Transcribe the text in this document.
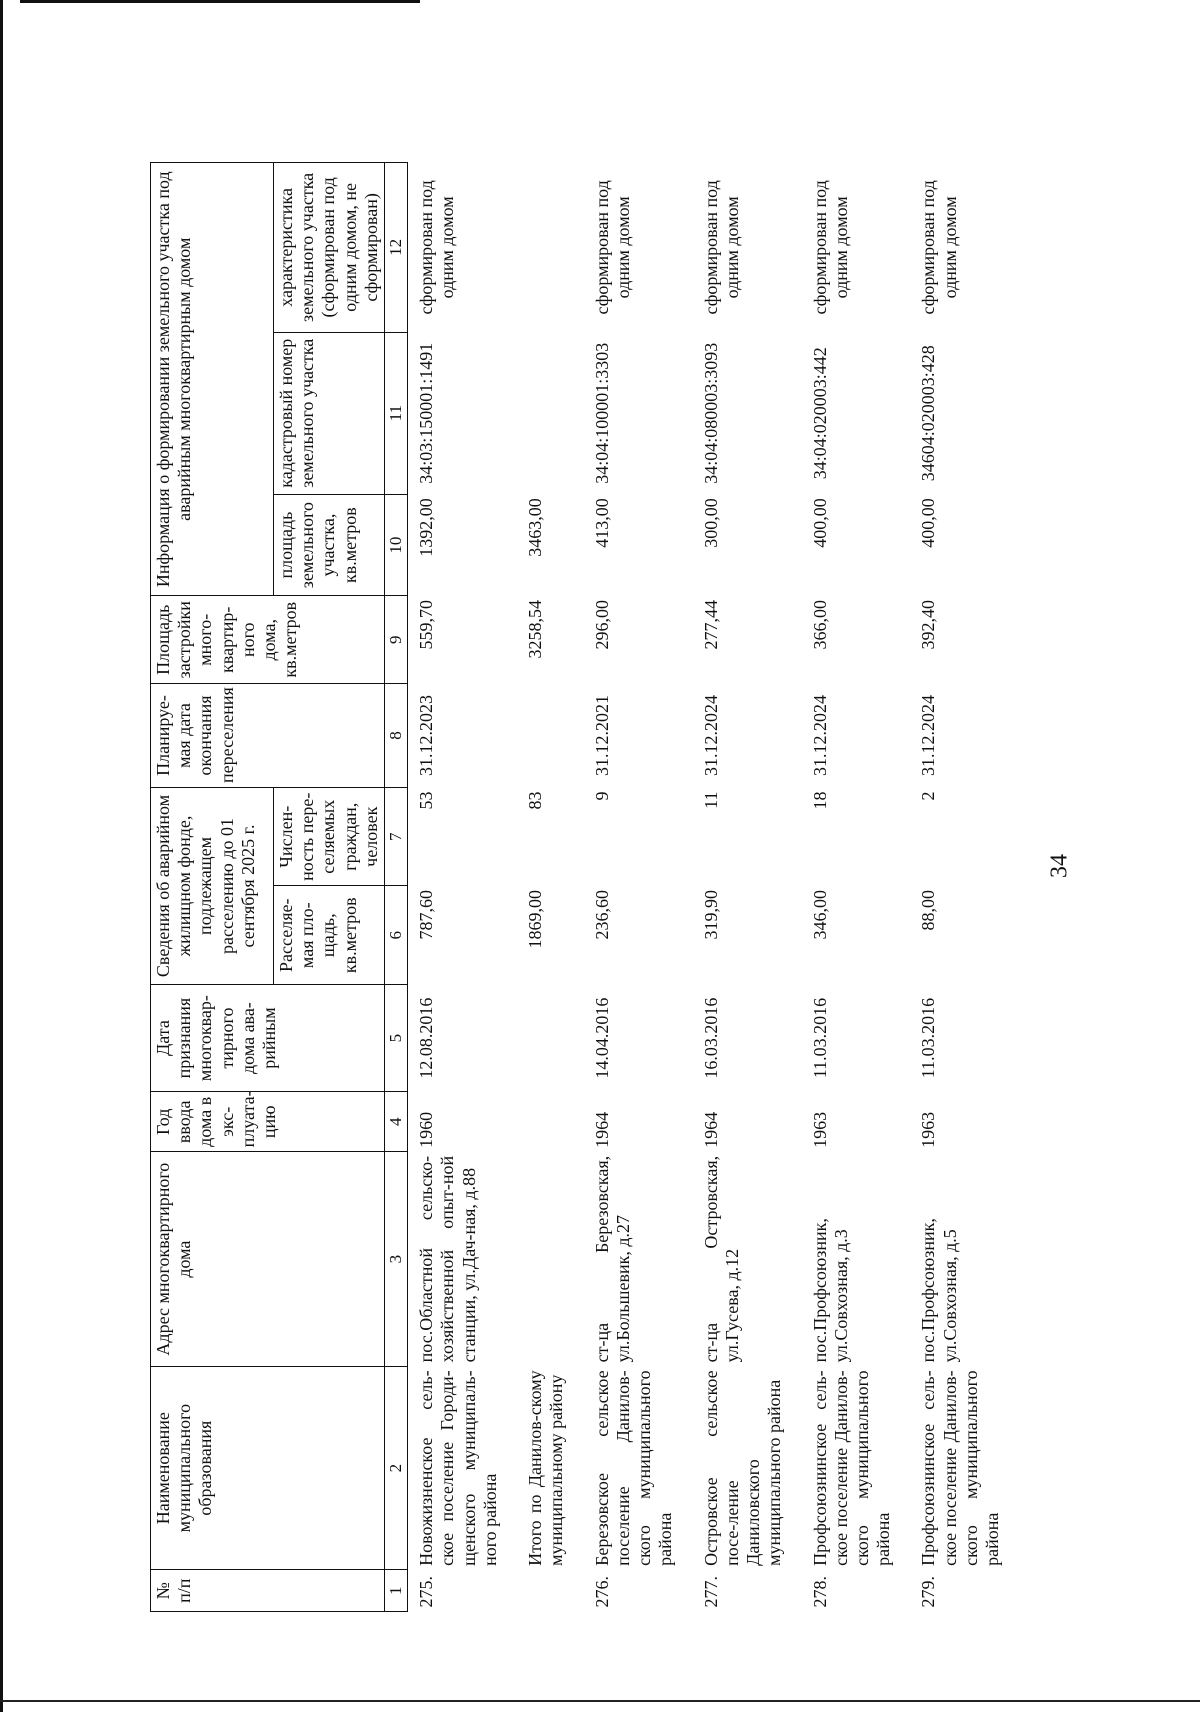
34
№ п/п	Наименование муниципального образования	Адрес многоквартирного дома	Год ввода дома в экс-плуата-цию	Дата признания многоквар-тирного дома ава-рийным	Сведения об аварийном жилищном фонде, подлежащем расселению до 01 сентября 2025 г.		Планируе-мая дата окончания переселения	Площадь застройки много-квартир-ного дома, кв.метров	Информация о формировании земельного участка под аварийным многоквартирным домом		
					Расселяе-мая пло-щадь, кв.метров	Числен-ность пере-селяемых граждан, человек			площадь земельного участка, кв.метров	кадастровый номер земельного участка	характеристика земельного участка (сформирован под одним домом, не сформирован)
1	2	3	4	5	6	7	8	9	10	11	12
275.	Новожизненское сель-ское поселение Городи-щенского муниципаль-ного района	пос.Областной сельско-хозяйственной опыт-ной станции, ул.Дач-ная, д.88	1960	12.08.2016	787,60	53	31.12.2023	559,70	1392,00	34:03:150001:1491	сформирован под одним домом
	Итого по Данилов-скому муниципальному району				1869,00	83		3258,54	3463,00		
276.	Березовское сельское поселение Данилов-ского муниципального района	ст-ца Березовская, ул.Большевик, д.27	1964	14.04.2016	236,60	9	31.12.2021	296,00	413,00	34:04:100001:3303	сформирован под одним домом
277.	Островское сельское посе-ление Даниловского муниципального района	ст-ца Островская, ул.Гусева, д.12	1964	16.03.2016	319,90	11	31.12.2024	277,44	300,00	34:04:080003:3093	сформирован под одним домом
278.	Профсоюзнинское сель-ское поселение Данилов-ского муниципального района	пос.Профсоюзник, ул.Совхозная, д.3	1963	11.03.2016	346,00	18	31.12.2024	366,00	400,00	34:04:020003:442	сформирован под одним домом
279.	Профсоюзнинское сель-ское поселение Данилов-ского муниципального района	пос.Профсоюзник, ул.Совхозная, д.5	1963	11.03.2016	88,00	2	31.12.2024	392,40	400,00	34604:020003:428	сформирован под одним домом
